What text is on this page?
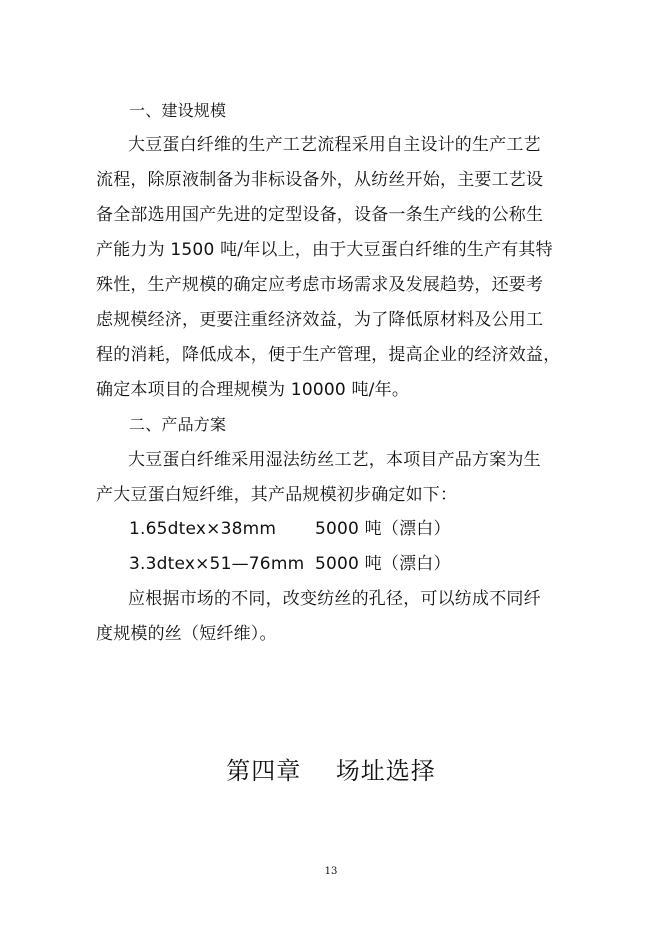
一、建设规模
大豆蛋白纤维的生产工艺流程采用自主设计的生产工艺
流程，除原液制备为非标设备外，从纺丝开始，主要工艺设
备全部选用国产先进的定型设备，设备一条生产线的公称生
产能力为 1500 吨/年以上，由于大豆蛋白纤维的生产有其特
殊性，生产规模的确定应考虑市场需求及发展趋势，还要考
虑规模经济，更要注重经济效益，为了降低原材料及公用工
程的消耗，降低成本，便于生产管理，提高企业的经济效益，
确定本项目的合理规模为 10000 吨/年。
二、产品方案
大豆蛋白纤维采用湿法纺丝工艺，本项目产品方案为生
产大豆蛋白短纤维，其产品规模初步确定如下：
1.65dtex×38mm 5000 吨（漂白）
3.3dtex×51—76mm 5000 吨（漂白）
应根据市场的不同，改变纺丝的孔径，可以纺成不同纤
度规模的丝（短纤维）。
第四章    场址选择
13
